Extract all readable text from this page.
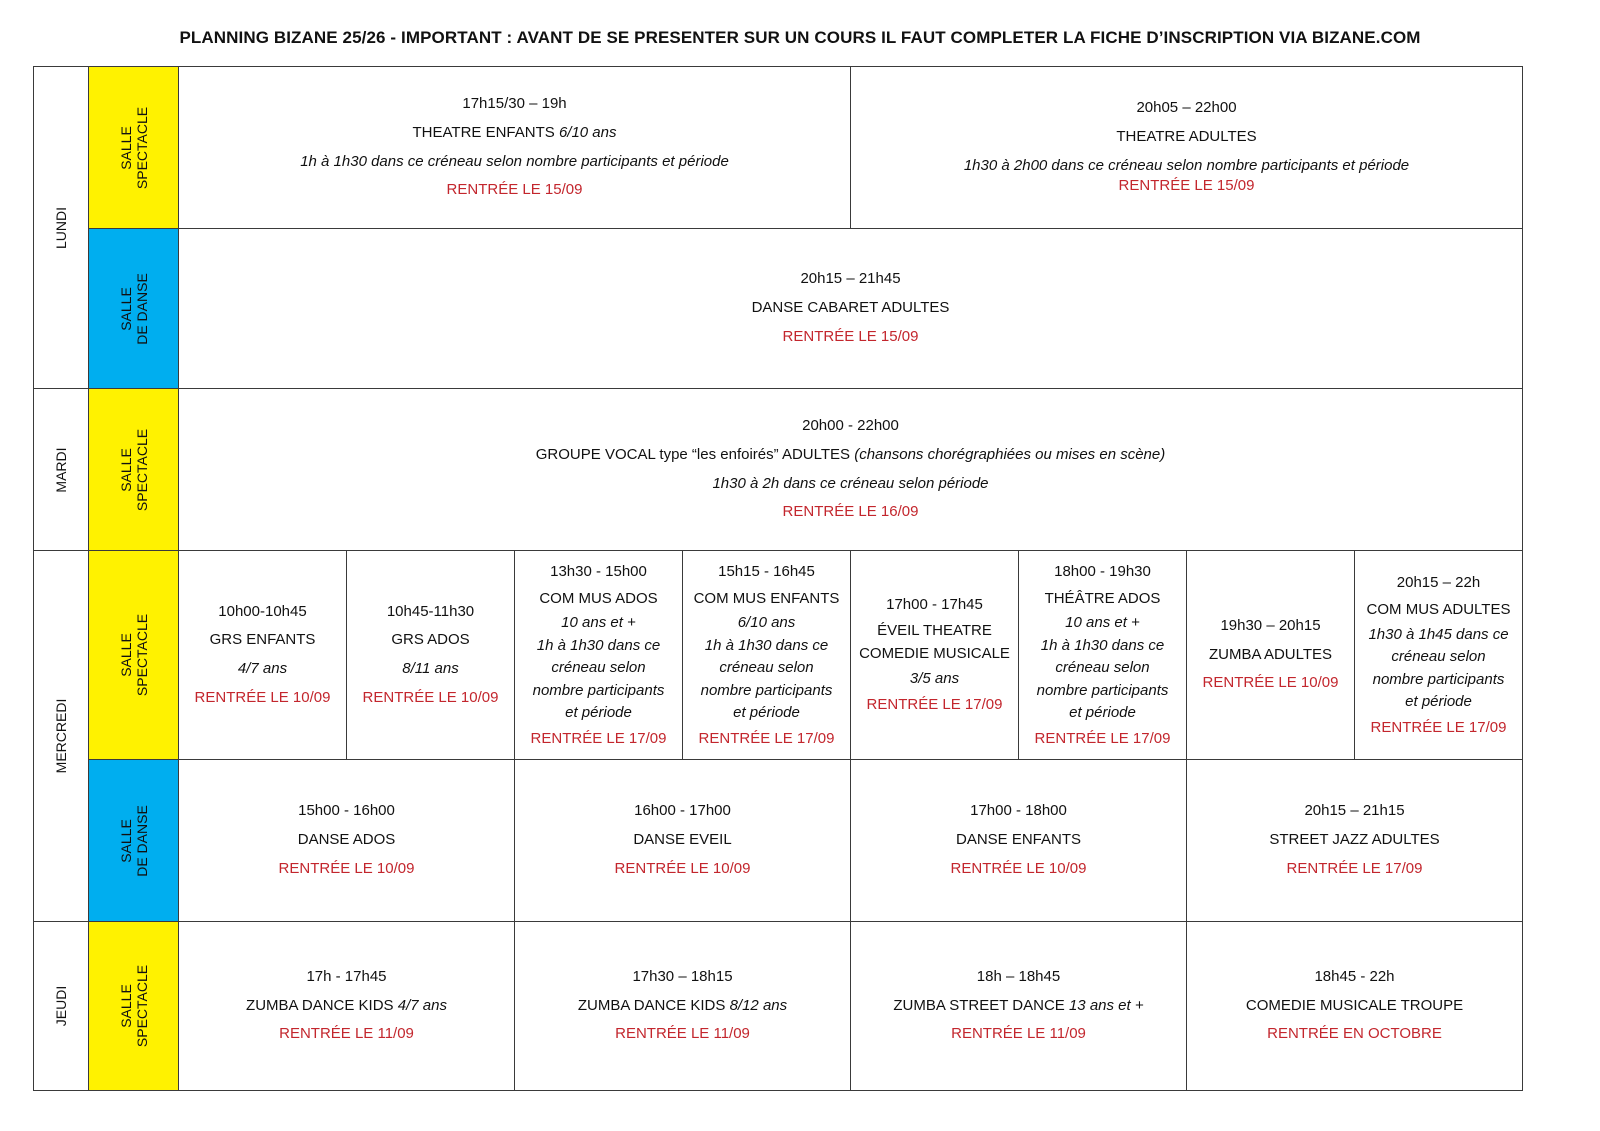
PLANNING BIZANE 25/26 - IMPORTANT : AVANT DE SE PRESENTER SUR UN COURS IL FAUT COMPLETER LA FICHE D’INSCRIPTION VIA BIZANE.COM
LUNDI
MARDI
MERCREDI
JEUDI
SALLE
SPECTACLE
SALLE
DE DANSE
SALLE
SPECTACLE
SALLE
SPECTACLE
SALLE
DE DANSE
SALLE
SPECTACLE
17h15/30 – 19h
THEATRE ENFANTS 6/10 ans
1h à 1h30 dans ce créneau selon nombre participants et période
RENTRÉE LE 15/09
20h05 – 22h00
THEATRE ADULTES
1h30 à 2h00 dans ce créneau selon nombre participants et période
RENTRÉE LE 15/09
20h15 – 21h45
DANSE CABARET ADULTES
RENTRÉE LE 15/09
20h00 - 22h00
GROUPE VOCAL type “les enfoirés” ADULTES (chansons chorégraphiées ou mises en scène)
1h30 à 2h dans ce créneau selon période
RENTRÉE LE 16/09
10h00-10h45
GRS ENFANTS
4/7 ans
RENTRÉE LE 10/09
10h45-11h30
GRS ADOS
8/11 ans
RENTRÉE LE 10/09
13h30 - 15h00
COM MUS ADOS
10 ans et +
1h à 1h30 dans ce
créneau selon
nombre participants
et période
RENTRÉE LE 17/09
15h15 - 16h45
COM MUS ENFANTS
6/10 ans
1h à 1h30 dans ce
créneau selon
nombre participants
et période
RENTRÉE LE 17/09
17h00 - 17h45
ÉVEIL THEATRE
COMEDIE MUSICALE
3/5 ans
RENTRÉE LE 17/09
18h00 - 19h30
THÉÂTRE ADOS
10 ans et +
1h à 1h30 dans ce
créneau selon
nombre participants
et période
RENTRÉE LE 17/09
19h30 – 20h15
ZUMBA ADULTES
RENTRÉE LE 10/09
20h15 – 22h
COM MUS ADULTES
1h30 à 1h45 dans ce
créneau selon
nombre participants
et période
RENTRÉE LE 17/09
15h00 - 16h00
DANSE ADOS
RENTRÉE LE 10/09
16h00 - 17h00
DANSE EVEIL
RENTRÉE LE 10/09
17h00 - 18h00
DANSE ENFANTS
RENTRÉE LE 10/09
20h15 – 21h15
STREET JAZZ ADULTES
RENTRÉE LE 17/09
17h - 17h45
ZUMBA DANCE KIDS 4/7 ans
RENTRÉE LE 11/09
17h30 – 18h15
ZUMBA DANCE KIDS 8/12 ans
RENTRÉE LE 11/09
18h – 18h45
ZUMBA STREET DANCE 13 ans et +
RENTRÉE LE 11/09
18h45 - 22h
COMEDIE MUSICALE TROUPE
RENTRÉE EN OCTOBRE
